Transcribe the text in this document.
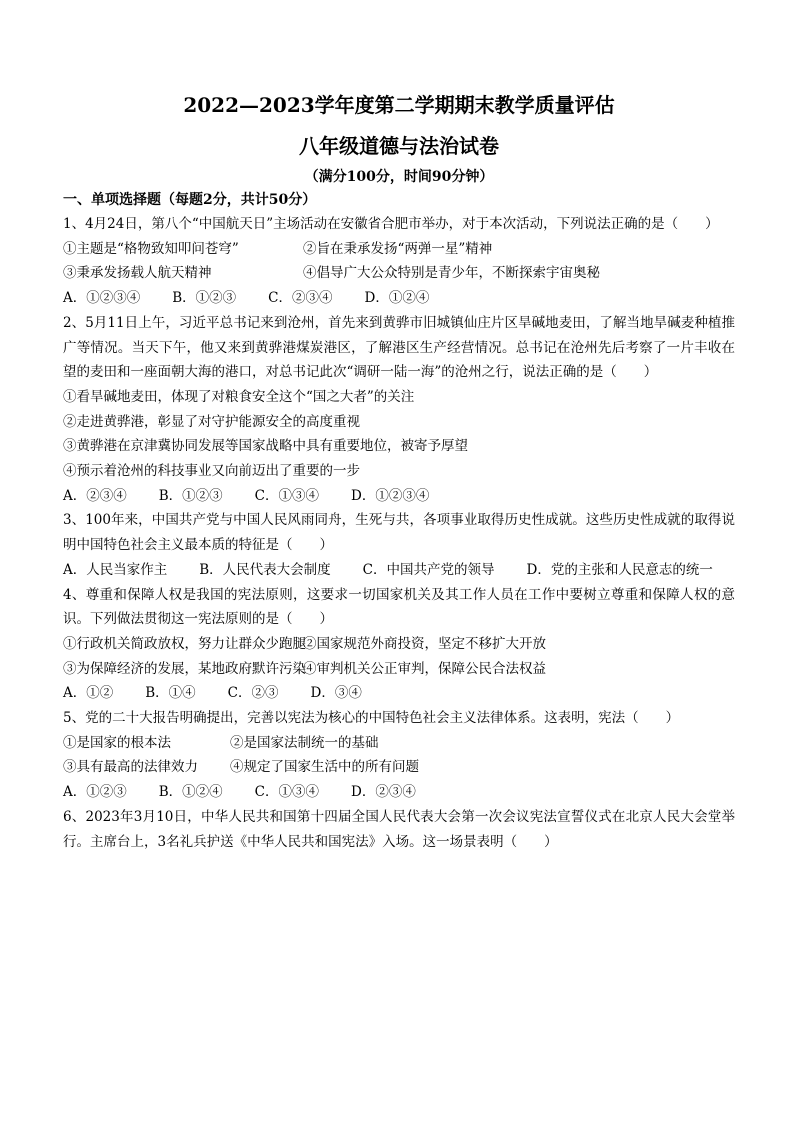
2022—2023学年度第二学期期末教学质量评估

八年级道德与法治试卷

（满分100分，时间90分钟）

一、单项选择题（每题2分，共计50分）

1、4月24日，第八个“中国航天日”主场活动在安徽省合肥市举办，对于本次活动，下列说法正确的是（　　）

①主题是“格物致知叩问苍穹”	②旨在秉承发扬“两弹一星”精神
③秉承发扬载人航天精神	④倡导广大公众特别是青少年，不断探索宇宙奥秘
A．①②③④ B．①②③ C．②③④ D．①②④

2、5月11日上午，习近平总书记来到沧州，首先来到黄骅市旧城镇仙庄片区旱碱地麦田，了解当地旱碱麦种植推广等情况。当天下午，他又来到黄骅港煤炭港区，了解港区生产经营情况。总书记在沧州先后考察了一片丰收在望的麦田和一座面朝大海的港口，对总书记此次“调研一陆一海”的沧州之行，说法正确的是（　　）

①看旱碱地麦田，体现了对粮食安全这个“国之大者”的关注

②走进黄骅港，彰显了对守护能源安全的高度重视

③黄骅港在京津冀协同发展等国家战略中具有重要地位，被寄予厚望

④预示着沧州的科技事业又向前迈出了重要的一步

A．②③④ B．①②③ C．①③④ D．①②③④

3、100年来，中国共产党与中国人民风雨同舟，生死与共，各项事业取得历史性成就。这些历史性成就的取得说明中国特色社会主义最本质的特征是（　　）

A．人民当家作主 B．人民代表大会制度 C．中国共产党的领导 D．党的主张和人民意志的统一

4、尊重和保障人权是我国的宪法原则，这要求一切国家机关及其工作人员在工作中要树立尊重和保障人权的意识。下列做法贯彻这一宪法原则的是（　　）

①行政机关简政放权，努力让群众少跑腿
②国家规范外商投资，坚定不移扩大开放
③为保障经济的发展，某地政府默许污染
④审判机关公正审判，保障公民合法权益
A．①② B．①④ C．②③ D．③④

5、党的二十大报告明确提出，完善以宪法为核心的中国特色社会主义法律体系。这表明，宪法（　　）

①是国家的根本法	②是国家法制统一的基础
③具有最高的法律效力	④规定了国家生活中的所有问题
A．①②③ B．①②④ C．①③④ D．②③④

6、2023年3月10日，中华人民共和国第十四届全国人民代表大会第一次会议宪法宣誓仪式在北京人民大会堂举行。主席台上，3名礼兵护送《中华人民共和国宪法》入场。这一场景表明（　　）
